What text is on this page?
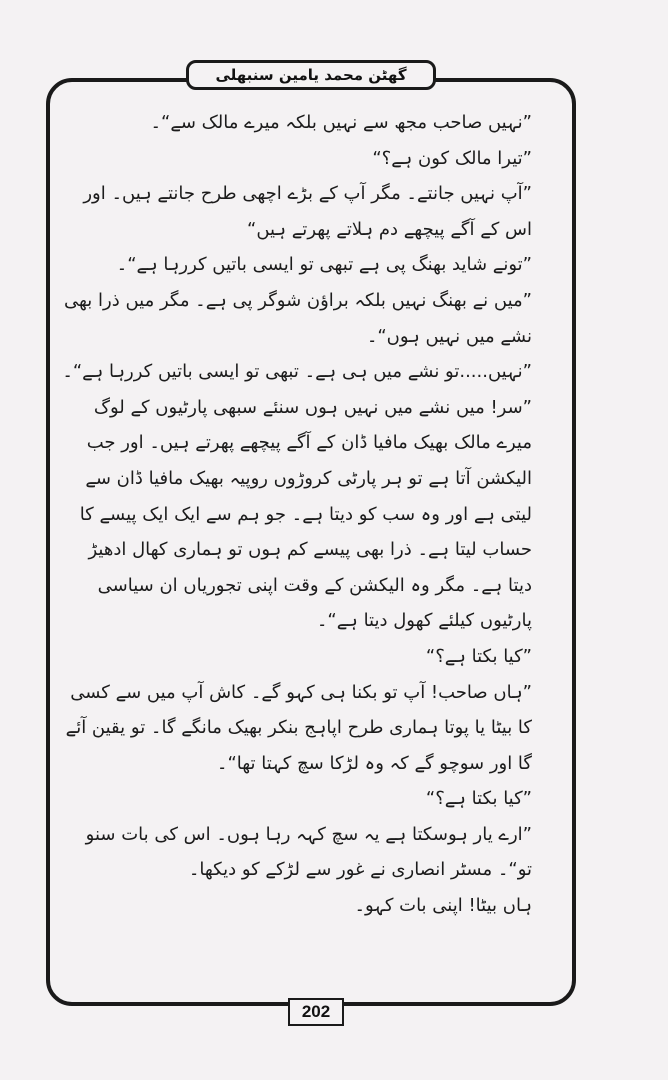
گھٹن محمد یامین سنبھلی

”نہیں صاحب مجھ سے نہیں بلکہ میرے مالک سے“۔

”تیرا مالک کون ہے؟“

”آپ نہیں جانتے۔ مگر آپ کے بڑے اچھی طرح جانتے ہیں۔ اور اس کے آگے پیچھے دم ہلاتے پھرتے ہیں“

”تونے شاید بھنگ پی ہے تبھی تو ایسی باتیں کررہا ہے“۔

”میں نے بھنگ نہیں بلکہ براؤن شوگر پی ہے۔ مگر میں ذرا بھی نشے میں نہیں ہوں“۔

”نہیں.....تو نشے میں ہی ہے۔ تبھی تو ایسی باتیں کررہا ہے“۔

”سر! میں نشے میں نہیں ہوں سنئے سبھی پارٹیوں کے لوگ میرے مالک بھیک مافیا ڈان کے آگے پیچھے پھرتے ہیں۔ اور جب الیکشن آتا ہے تو ہر پارٹی کروڑوں روپیہ بھیک مافیا ڈان سے لیتی ہے اور وہ سب کو دیتا ہے۔ جو ہم سے ایک ایک پیسے کا حساب لیتا ہے۔ ذرا بھی پیسے کم ہوں تو ہماری کھال ادھیڑ دیتا ہے۔ مگر وہ الیکشن کے وقت اپنی تجوریاں ان سیاسی پارٹیوں کیلئے کھول دیتا ہے“۔

”کیا بکتا ہے؟“

”ہاں صاحب! آپ تو بکنا ہی کہو گے۔ کاش آپ میں سے کسی کا بیٹا یا پوتا ہماری طرح اپاہج بنکر بھیک مانگے گا۔ تو یقین آئے گا اور سوچو گے کہ وہ لڑکا سچ کہتا تھا“۔

”کیا بکتا ہے؟“

”ارے یار ہوسکتا ہے یہ سچ کہہ رہا ہوں۔ اس کی بات سنو تو“۔ مسٹر انصاری نے غور سے لڑکے کو دیکھا۔

ہاں بیٹا! اپنی بات کہو۔

202
